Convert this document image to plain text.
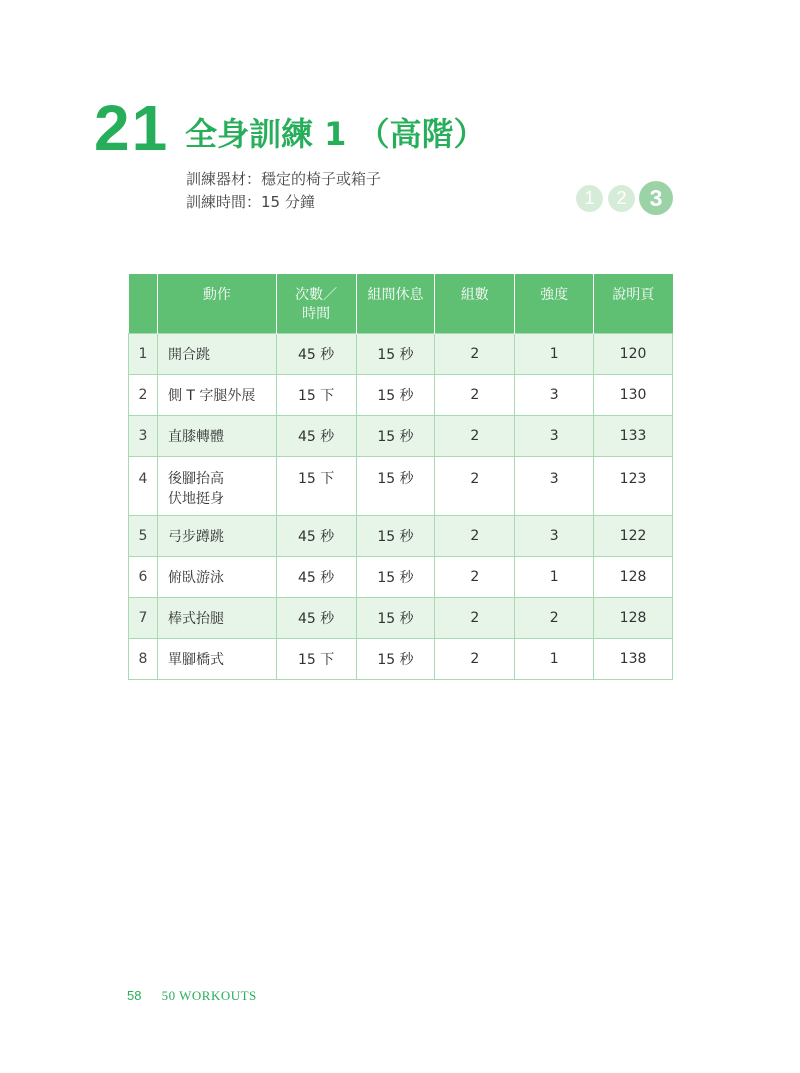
21 全身訓練 1 （高階）
訓練器材：穩定的椅子或箱子
訓練時間：15 分鐘	1	2	3
	動作	次數／
時間	組間休息	組數	強度	說明頁
1	開合跳	45 秒	15 秒	2	1	120
2	側 T 字腿外展	15 下	15 秒	2	3	130
3	直膝轉體	45 秒	15 秒	2	3	133
4	後腳抬高
伏地挺身	15 下	15 秒	2	3	123
5	弓步蹲跳	45 秒	15 秒	2	3	122
6	俯臥游泳	45 秒	15 秒	2	1	128
7	棒式抬腿	45 秒	15 秒	2	2	128
8	單腳橋式	15 下	15 秒	2	1	138
58 50 WORKOUTS
